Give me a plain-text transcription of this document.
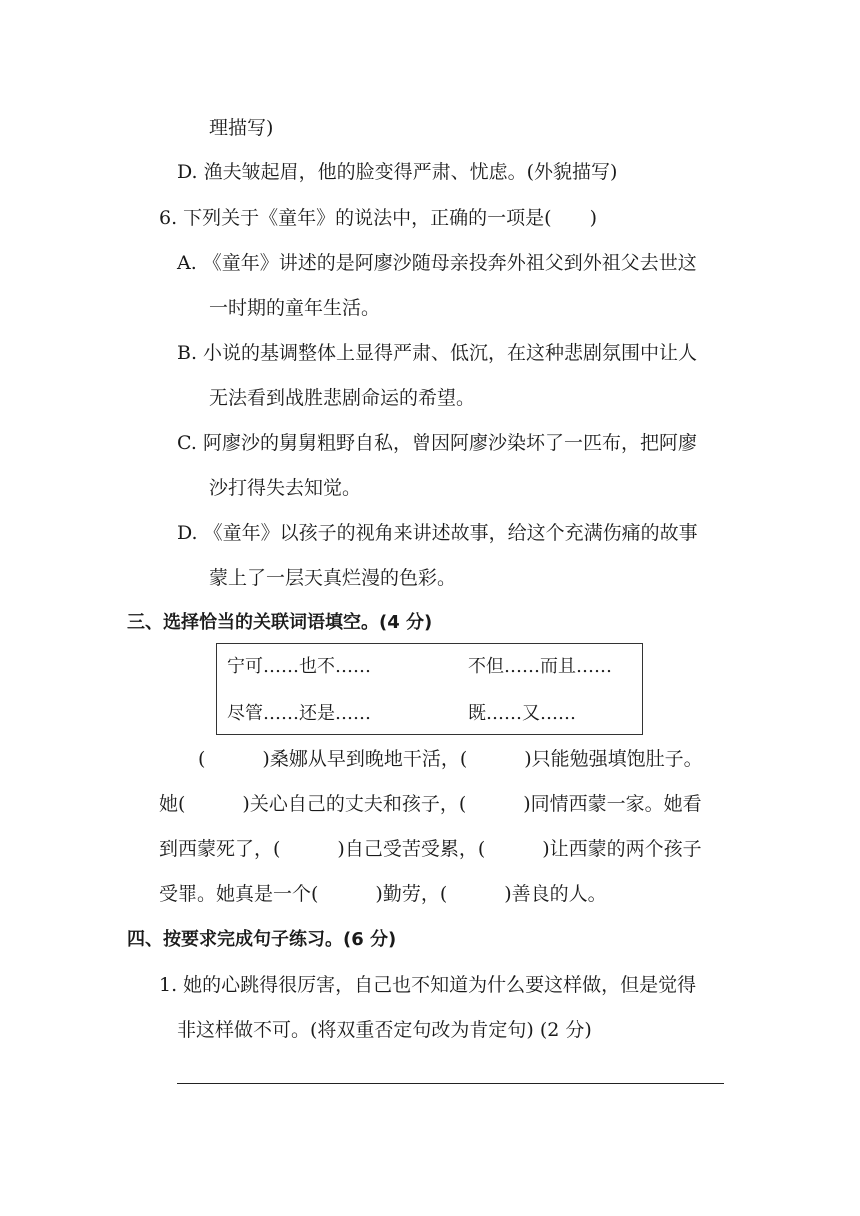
理描写)
D. 渔夫皱起眉，他的脸变得严肃、忧虑。(外貌描写)
6. 下列关于《童年》的说法中，正确的一项是(　　)
A. 《童年》讲述的是阿廖沙随母亲投奔外祖父到外祖父去世这
一时期的童年生活。
B. 小说的基调整体上显得严肃、低沉，在这种悲剧氛围中让人
无法看到战胜悲剧命运的希望。
C. 阿廖沙的舅舅粗野自私，曾因阿廖沙染坏了一匹布，把阿廖
沙打得失去知觉。
D. 《童年》以孩子的视角来讲述故事，给这个充满伤痛的故事
蒙上了一层天真烂漫的色彩。
三、选择恰当的关联词语填空。(4 分)
宁可……也不……	不但……而且……
尽管……还是……	既……又……
(　　　)桑娜从早到晚地干活，(　　　)只能勉强填饱肚子。
她(　　　)关心自己的丈夫和孩子，(　　　)同情西蒙一家。她看
到西蒙死了，(　　　)自己受苦受累，(　　　)让西蒙的两个孩子
受罪。她真是一个(　　　)勤劳，(　　　)善良的人。
四、按要求完成句子练习。(6 分)
1. 她的心跳得很厉害，自己也不知道为什么要这样做，但是觉得
非这样做不可。(将双重否定句改为肯定句) (2 分)
